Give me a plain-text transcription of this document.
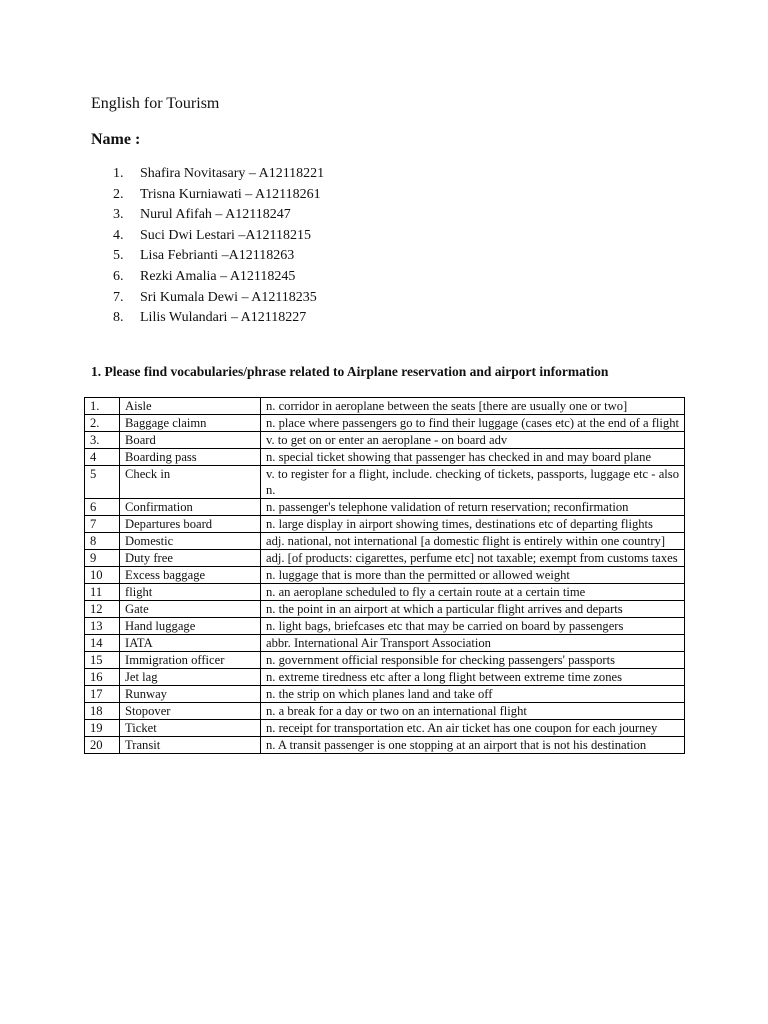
English for Tourism

Name :

1. Shafira Novitasary – A12118221
2. Trisna Kurniawati – A12118261
3. Nurul Afifah – A12118247
4. Suci Dwi Lestari –A12118215
5. Lisa Febrianti –A12118263
6. Rezki Amalia – A12118245
7. Sri Kumala Dewi – A12118235
8. Lilis Wulandari – A12118227

1. Please find vocabularies/phrase related to Airplane reservation and airport information

1.	Aisle	n. corridor in aeroplane between the seats [there are usually one or two]
2.	Baggage claimn	n. place where passengers go to find their luggage (cases etc) at the end of a flight
3.	Board	v. to get on or enter an aeroplane - on board adv
4	Boarding pass	n. special ticket showing that passenger has checked in and may board plane
5	Check in	v. to register for a flight, include. checking of tickets, passports, luggage etc - also n.
6	Confirmation	n. passenger's telephone validation of return reservation; reconfirmation
7	Departures board	n. large display in airport showing times, destinations etc of departing flights
8	Domestic	adj. national, not international [a domestic flight is entirely within one country]
9	Duty free	adj. [of products: cigarettes, perfume etc] not taxable; exempt from customs taxes
10	Excess baggage	n. luggage that is more than the permitted or allowed weight
11	flight	n. an aeroplane scheduled to fly a certain route at a certain time
12	Gate	n. the point in an airport at which a particular flight arrives and departs
13	Hand luggage	n. light bags, briefcases etc that may be carried on board by passengers
14	IATA	abbr. International Air Transport Association
15	Immigration officer	n. government official responsible for checking passengers' passports
16	Jet lag	n. extreme tiredness etc after a long flight between extreme time zones
17	Runway	n. the strip on which planes land and take off
18	Stopover	n. a break for a day or two on an international flight
19	Ticket	n. receipt for transportation etc. An air ticket has one coupon for each journey
20	Transit	n. A transit passenger is one stopping at an airport that is not his destination
